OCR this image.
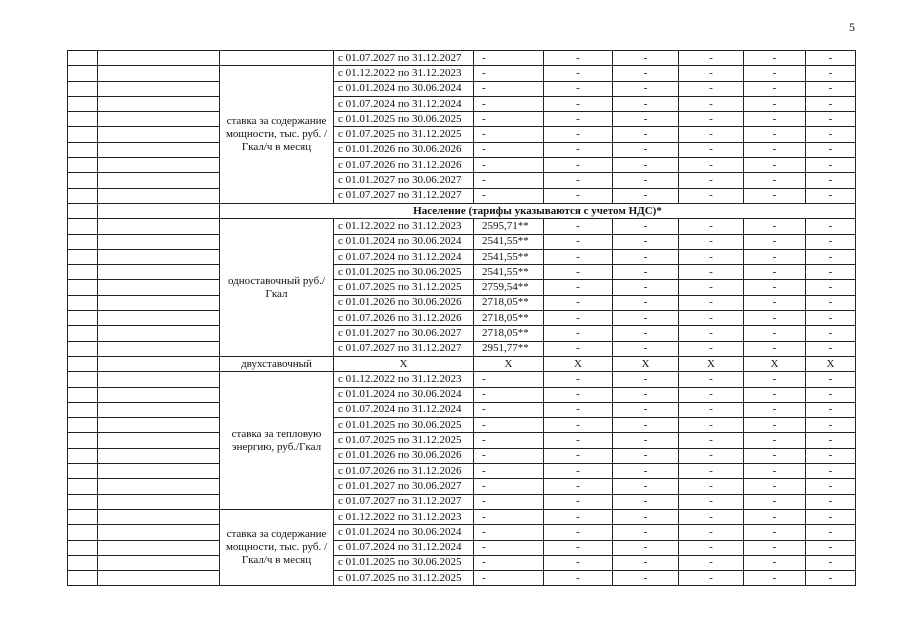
5
			с 01.07.2027 по 31.12.2027	-	-	-	-	-	-
		ставка за содержание мощности, тыс. руб. /Гкал/ч в месяц	с 01.12.2022 по 31.12.2023	-	-	-	-	-	-
			с 01.01.2024 по 30.06.2024	-	-	-	-	-	-
			с 01.07.2024 по 31.12.2024	-	-	-	-	-	-
			с 01.01.2025 по 30.06.2025	-	-	-	-	-	-
			с 01.07.2025 по 31.12.2025	-	-	-	-	-	-
			с 01.01.2026 по 30.06.2026	-	-	-	-	-	-
			с 01.07.2026 по 31.12.2026	-	-	-	-	-	-
			с 01.01.2027 по 30.06.2027	-	-	-	-	-	-
			с 01.07.2027 по 31.12.2027	-	-	-	-	-	-
		Население (тарифы указываются с учетом НДС)*							
		одноставочный руб./Гкал	с 01.12.2022 по 31.12.2023	2595,71**	-	-	-	-	-
			с 01.01.2024 по 30.06.2024	2541,55**	-	-	-	-	-
			с 01.07.2024 по 31.12.2024	2541,55**	-	-	-	-	-
			с 01.01.2025 по 30.06.2025	2541,55**	-	-	-	-	-
			с 01.07.2025 по 31.12.2025	2759,54**	-	-	-	-	-
			с 01.01.2026 по 30.06.2026	2718,05**	-	-	-	-	-
			с 01.07.2026 по 31.12.2026	2718,05**	-	-	-	-	-
			с 01.01.2027 по 30.06.2027	2718,05**	-	-	-	-	-
			с 01.07.2027 по 31.12.2027	2951,77**	-	-	-	-	-
		двухставочный	X	X	X	X	X	X	X
		ставка за тепловую энергию, руб./Гкал	с 01.12.2022 по 31.12.2023	-	-	-	-	-	-
			с 01.01.2024 по 30.06.2024	-	-	-	-	-	-
			с 01.07.2024 по 31.12.2024	-	-	-	-	-	-
			с 01.01.2025 по 30.06.2025	-	-	-	-	-	-
			с 01.07.2025 по 31.12.2025	-	-	-	-	-	-
			с 01.01.2026 по 30.06.2026	-	-	-	-	-	-
			с 01.07.2026 по 31.12.2026	-	-	-	-	-	-
			с 01.01.2027 по 30.06.2027	-	-	-	-	-	-
			с 01.07.2027 по 31.12.2027	-	-	-	-	-	-
		ставка за содержание мощности, тыс. руб. /Гкал/ч в месяц	с 01.12.2022 по 31.12.2023	-	-	-	-	-	-
			с 01.01.2024 по 30.06.2024	-	-	-	-	-	-
			с 01.07.2024 по 31.12.2024	-	-	-	-	-	-
			с 01.01.2025 по 30.06.2025	-	-	-	-	-	-
			с 01.07.2025 по 31.12.2025	-	-	-	-	-	-
